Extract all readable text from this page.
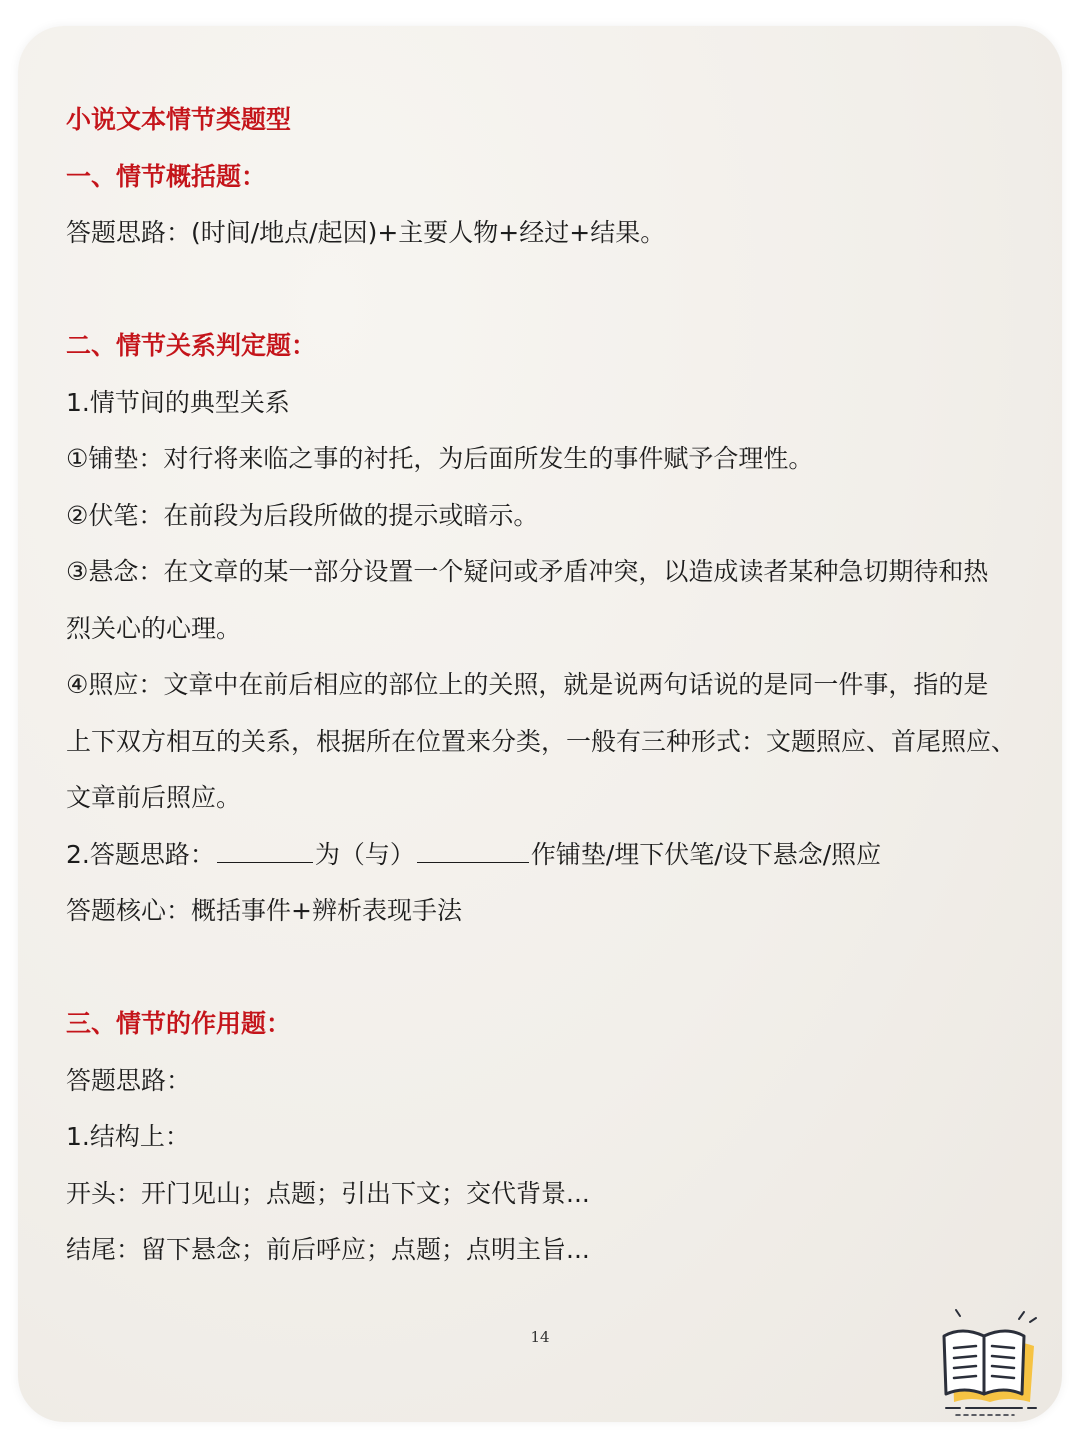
小说文本情节类题型
一、情节概括题：
答题思路：(时间/地点/起因)+主要人物+经过+结果。
二、情节关系判定题：
1.情节间的典型关系
①铺垫：对行将来临之事的衬托，为后面所发生的事件赋予合理性。
②伏笔：在前段为后段所做的提示或暗示。
③悬念：在文章的某一部分设置一个疑问或矛盾冲突，以造成读者某种急切期待和热
烈关心的心理。
④照应：文章中在前后相应的部位上的关照，就是说两句话说的是同一件事，指的是
上下双方相互的关系，根据所在位置来分类，一般有三种形式：文题照应、首尾照应、
文章前后照应。
2.答题思路：	为（与）	作铺垫/埋下伏笔/设下悬念/照应
答题核心：概括事件+辨析表现手法
三、情节的作用题：
答题思路：
1.结构上：
开头：开门见山；点题；引出下文；交代背景...
结尾：留下悬念；前后呼应；点题；点明主旨...
14
